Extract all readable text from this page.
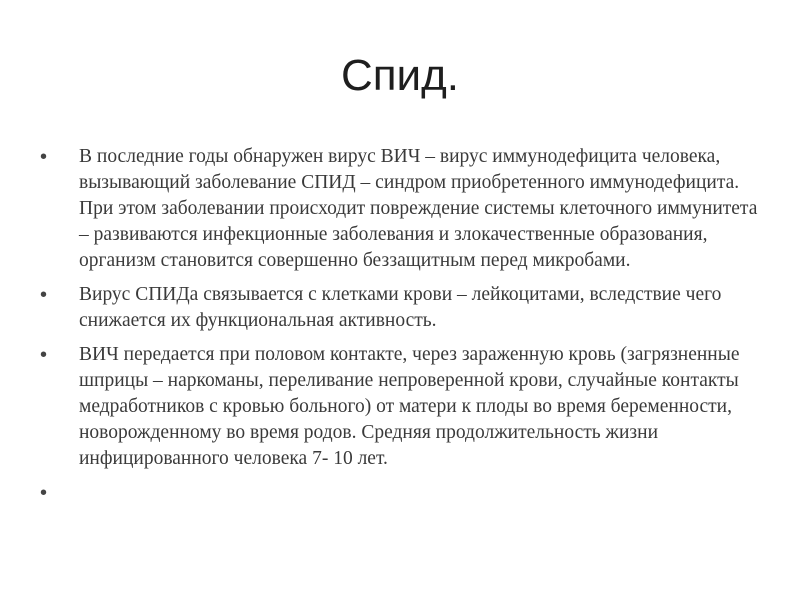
Спид.
•	В последние годы обнаружен вирус ВИЧ – вирус иммунодефицита человека, вызывающий заболевание СПИД – синдром приобретенного иммунодефицита. При этом заболевании происходит повреждение системы клеточного иммунитета – развиваются инфекционные заболевания и злокачественные образования, организм становится совершенно беззащитным перед микробами.
•	Вирус СПИДа связывается с клетками крови – лейкоцитами, вследствие чего снижается их функциональная активность.
•	ВИЧ передается при половом контакте, через зараженную кровь (загрязненные шприцы – наркоманы, переливание непроверенной крови, случайные контакты медработников с кровью больного) от матери к плоды во время беременности, новорожденному во время родов. Средняя продолжительность жизни инфицированного человека 7- 10 лет.
•
